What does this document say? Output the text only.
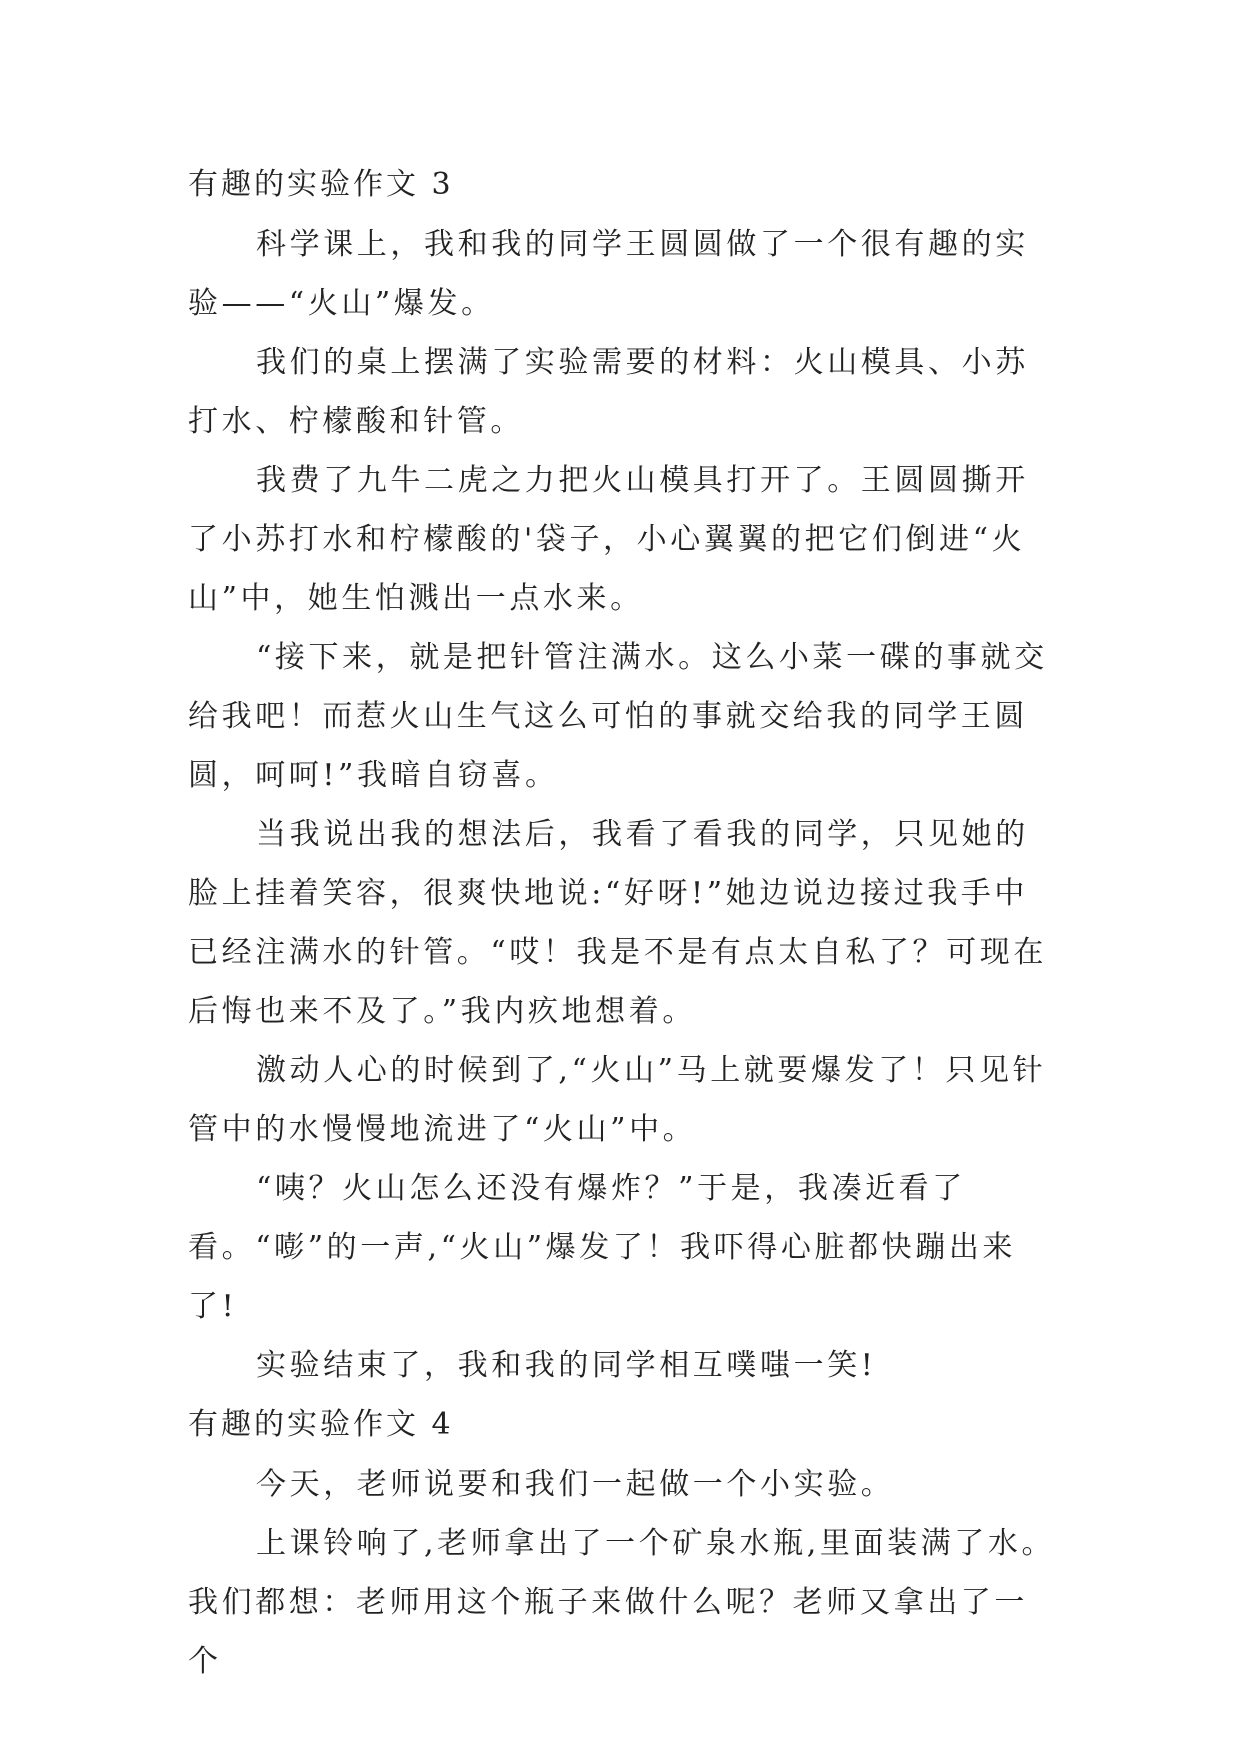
有趣的实验作文 3

科学课上，我和我的同学王圆圆做了一个很有趣的实验——“火山”爆发。

我们的桌上摆满了实验需要的材料：火山模具、小苏打水、柠檬酸和针管。

我费了九牛二虎之力把火山模具打开了。王圆圆撕开了小苏打水和柠檬酸的'袋子，小心翼翼的把它们倒进“火山”中，她生怕溅出一点水来。

“接下来，就是把针管注满水。这么小菜一碟的事就交给我吧！而惹火山生气这么可怕的事就交给我的同学王圆圆，呵呵!”我暗自窃喜。

当我说出我的想法后，我看了看我的同学，只见她的脸上挂着笑容，很爽快地说:“好呀!”她边说边接过我手中已经注满水的针管。“哎！我是不是有点太自私了？可现在后悔也来不及了。”我内疚地想着。

激动人心的时候到了,“火山”马上就要爆发了！只见针管中的水慢慢地流进了“火山”中。

“咦？火山怎么还没有爆炸？”于是，我凑近看了看。“嘭”的一声,“火山”爆发了！我吓得心脏都快蹦出来了!

实验结束了，我和我的同学相互噗嗤一笑!

有趣的实验作文 4

今天，老师说要和我们一起做一个小实验。

上课铃响了,老师拿出了一个矿泉水瓶,里面装满了水。我们都想：老师用这个瓶子来做什么呢？老师又拿出了一个
